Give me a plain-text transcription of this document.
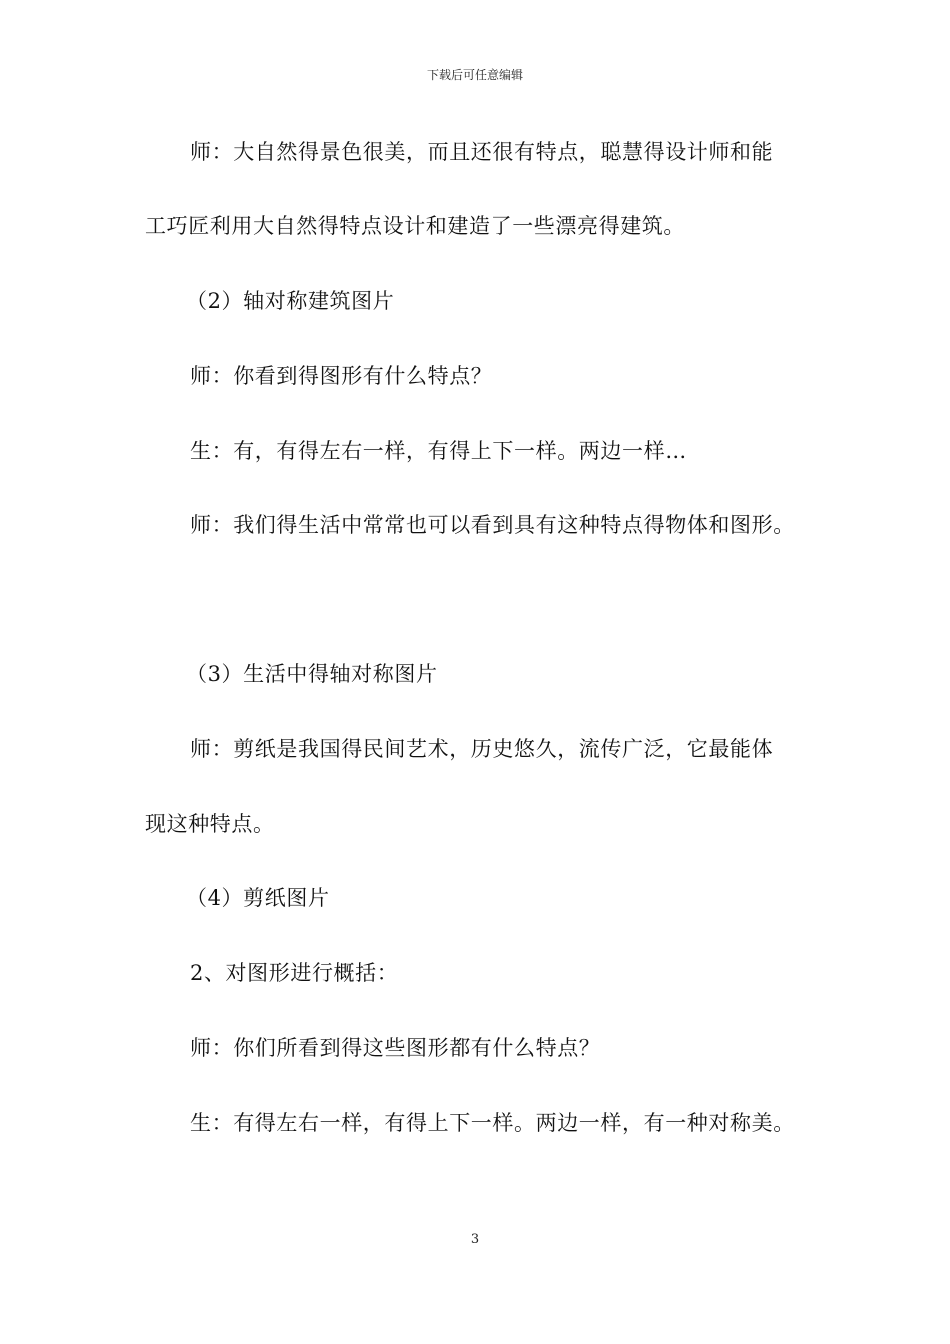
下载后可任意编辑
师：大自然得景色很美，而且还很有特点，聪慧得设计师和能
工巧匠利用大自然得特点设计和建造了一些漂亮得建筑。
（2）轴对称建筑图片
师：你看到得图形有什么特点？
生：有，有得左右一样，有得上下一样。两边一样…
师：我们得生活中常常也可以看到具有这种特点得物体和图形。
（3）生活中得轴对称图片
师：剪纸是我国得民间艺术，历史悠久，流传广泛，它最能体
现这种特点。
（4）剪纸图片
2、对图形进行概括：
师：你们所看到得这些图形都有什么特点？
生：有得左右一样，有得上下一样。两边一样，有一种对称美。
3
